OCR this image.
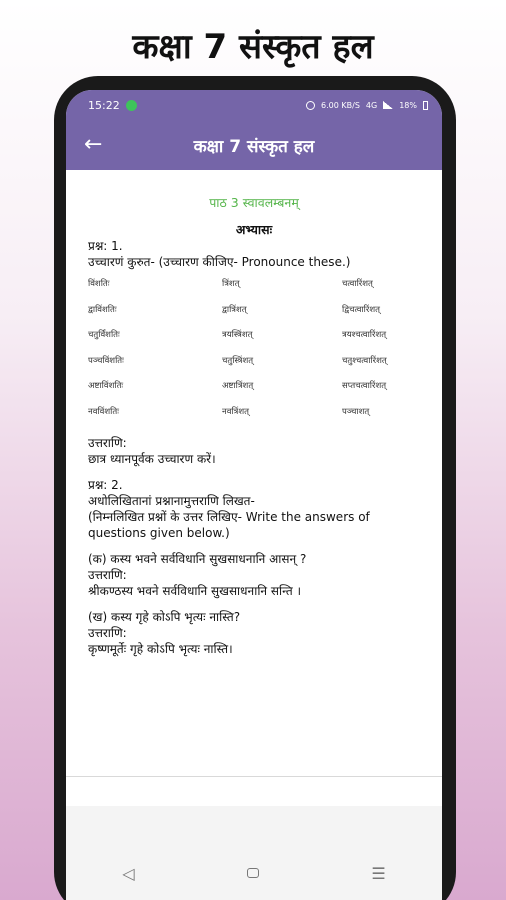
कक्षा 7 संस्कृत हल
15:22	6.00 KB/S 4G	18%
←	कक्षा 7 संस्कृत हल
पाठ 3 स्वावलम्बनम्
अभ्यासः
प्रश्न: 1.
उच्चारणं कुरुत- (उच्चारण कीजिए- Pronounce these.)
विंशतिः	त्रिंशत्	चत्वारिंशत्
द्वाविंशतिः	द्वात्रिंशत्	द्विचत्वारिंशत्
चतुर्विंशतिः	त्रयस्त्रिंशत्	त्रयश्चत्वारिंशत्
पञ्चविंशतिः	चतुस्त्रिंशत्	चतुश्चत्वारिंशत्
अष्टाविंशतिः	अष्टात्रिंशत्	सप्तचत्वारिंशत्
नवविंशतिः	नवत्रिंशत्	पञ्चाशत्
उत्तराणि:
छात्र ध्यानपूर्वक उच्चारण करें।
प्रश्न: 2.
अधोलिखितानां प्रश्नानामुत्तराणि लिखत-
(निम्नलिखित प्रश्नों के उत्तर लिखिए- Write the answers of
questions given below.)
(क) कस्य भवने सर्वविधानि सुखसाधनानि आसन् ?
उत्तराणि:
श्रीकण्ठस्य भवने सर्वविधानि सुखसाधनानि सन्ति ।
(ख) कस्य गृहे कोऽपि भृत्यः नास्ति?
उत्तराणि:
कृष्णमूर्तेः गृहे कोऽपि भृत्यः नास्ति।
◁	☰
